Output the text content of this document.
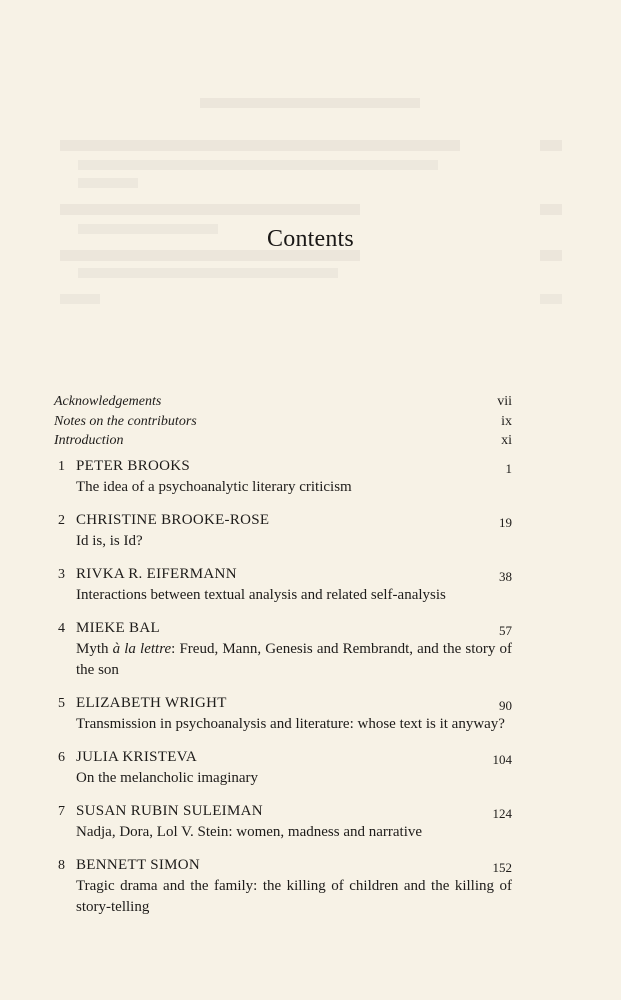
Contents
Acknowledgements	vii
Notes on the contributors	ix
Introduction	xi
1 PETER BROOKS	1
The idea of a psychoanalytic literary criticism
2 CHRISTINE BROOKE-ROSE	19
Id is, is Id?
3 RIVKA R. EIFERMANN	38
Interactions between textual analysis and related self-analysis
4 MIEKE BAL	57
Myth à la lettre: Freud, Mann, Genesis and Rembrandt, and the story of the son
5 ELIZABETH WRIGHT	90
Transmission in psychoanalysis and literature: whose text is it anyway?
6 JULIA KRISTEVA	104
On the melancholic imaginary
7 SUSAN RUBIN SULEIMAN	124
Nadja, Dora, Lol V. Stein: women, madness and narrative
8 BENNETT SIMON	152
Tragic drama and the family: the killing of children and the killing of story-telling
